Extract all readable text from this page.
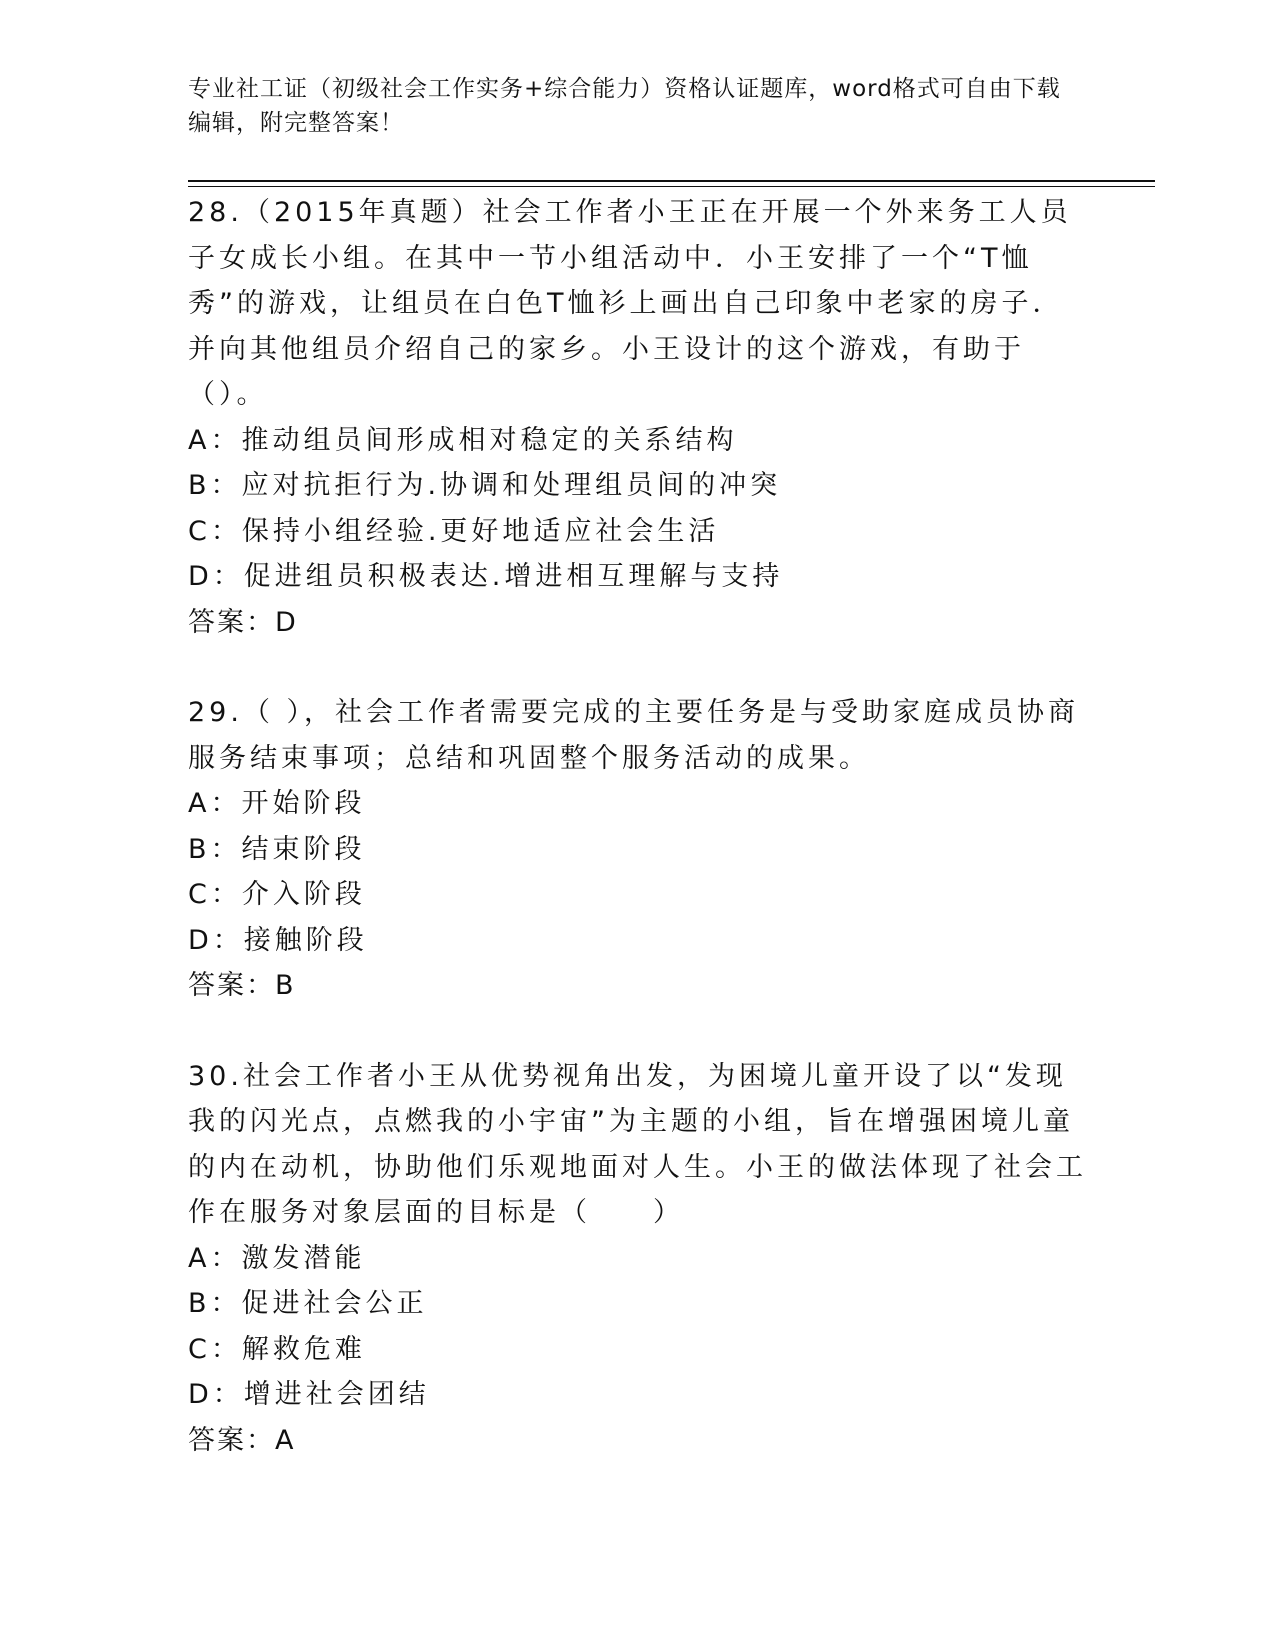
专业社工证（初级社会工作实务+综合能力）资格认证题库，word格式可自由下载
编辑，附完整答案！

28.（2015年真题）社会工作者小王正在开展一个外来务工人员子女成长小组。在其中一节小组活动中．小王安排了一个“T恤秀”的游戏，让组员在白色T恤衫上画出自己印象中老家的房子．并向其他组员介绍自己的家乡。小王设计的这个游戏，有助于（）。

A：推动组员间形成相对稳定的关系结构

B：应对抗拒行为.协调和处理组员间的冲突

C：保持小组经验.更好地适应社会生活

D：促进组员积极表达.增进相互理解与支持

答案：D

29.（ ），社会工作者需要完成的主要任务是与受助家庭成员协商服务结束事项；总结和巩固整个服务活动的成果。

A：开始阶段

B：结束阶段

C：介入阶段

D：接触阶段

答案：B

30.社会工作者小王从优势视角出发，为困境儿童开设了以“发现我的闪光点，点燃我的小宇宙”为主题的小组，旨在增强困境儿童的内在动机，协助他们乐观地面对人生。小王的做法体现了社会工作在服务对象层面的目标是（　　）

A：激发潜能

B：促进社会公正

C：解救危难

D：增进社会团结

答案：A
